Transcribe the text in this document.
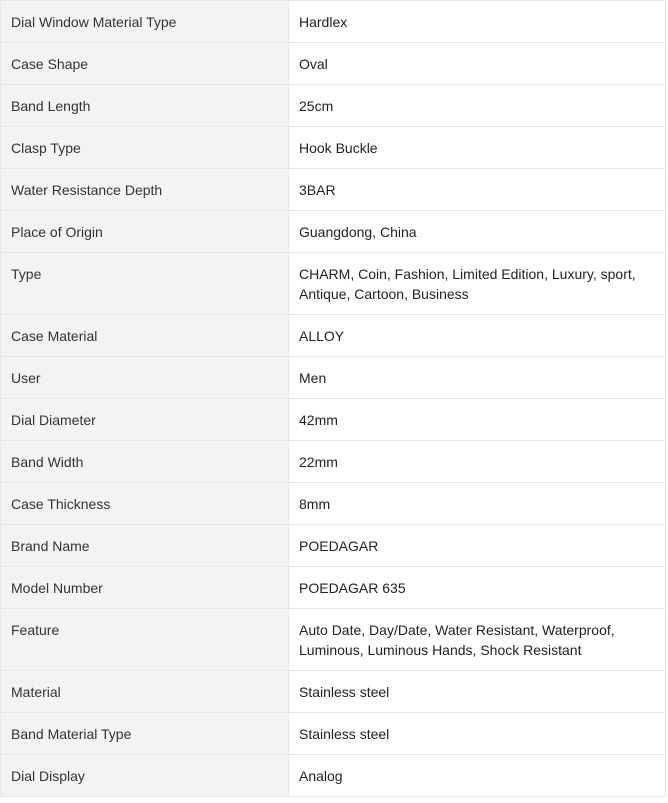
Dial Window Material Type	Hardlex
Case Shape	Oval
Band Length	25cm
Clasp Type	Hook Buckle
Water Resistance Depth	3BAR
Place of Origin	Guangdong, China
Type	CHARM, Coin, Fashion, Limited Edition, Luxury, sport, Antique, Cartoon, Business
Case Material	ALLOY
User	Men
Dial Diameter	42mm
Band Width	22mm
Case Thickness	8mm
Brand Name	POEDAGAR
Model Number	POEDAGAR 635
Feature	Auto Date, Day/Date, Water Resistant, Waterproof, Luminous, Luminous Hands, Shock Resistant
Material	Stainless steel
Band Material Type	Stainless steel
Dial Display	Analog
